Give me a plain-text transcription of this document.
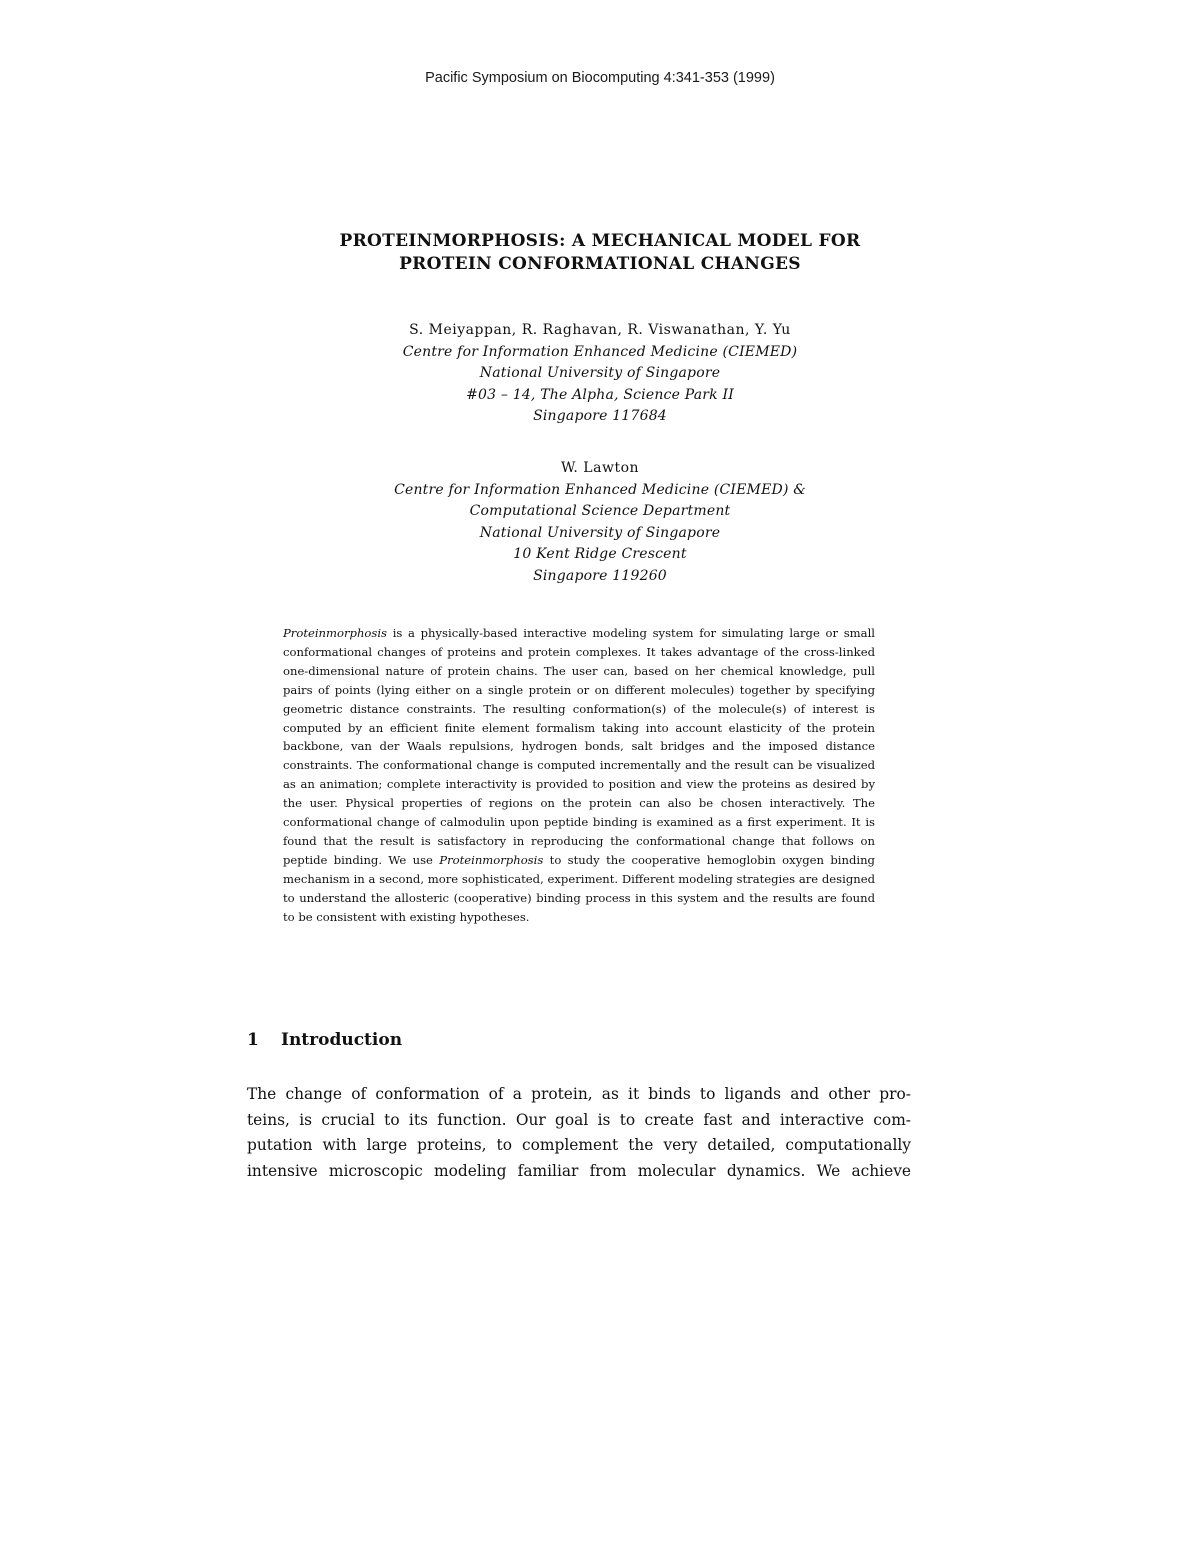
Pacific Symposium on Biocomputing 4:341-353 (1999)
PROTEINMORPHOSIS: A MECHANICAL MODEL FOR
PROTEIN CONFORMATIONAL CHANGES
S. Meiyappan, R. Raghavan, R. Viswanathan, Y. Yu
Centre for Information Enhanced Medicine (CIEMED)
National University of Singapore
#03 – 14, The Alpha, Science Park II
Singapore 117684
W. Lawton
Centre for Information Enhanced Medicine (CIEMED) &
Computational Science Department
National University of Singapore
10 Kent Ridge Crescent
Singapore 119260
Proteinmorphosis is a physically-based interactive modeling system for simulating large or small conformational changes of proteins and protein complexes. It takes advantage of the cross-linked one-dimensional nature of protein chains. The user can, based on her chemical knowledge, pull pairs of points (lying either on a single protein or on different molecules) together by specifying geometric distance constraints. The resulting conformation(s) of the molecule(s) of interest is computed by an efficient finite element formalism taking into account elasticity of the protein backbone, van der Waals repulsions, hydrogen bonds, salt bridges and the imposed distance constraints. The conformational change is computed incrementally and the result can be visualized as an animation; complete interactivity is provided to position and view the proteins as desired by the user. Physical properties of regions on the protein can also be chosen interactively. The conformational change of calmodulin upon peptide binding is examined as a first experiment. It is found that the result is satisfactory in reproducing the conformational change that follows on peptide binding. We use Proteinmorphosis to study the cooperative hemoglobin oxygen binding mechanism in a second, more sophisticated, experiment. Different modeling strategies are designed to understand the allosteric (cooperative) binding process in this system and the results are found to be consistent with existing hypotheses.
1 Introduction
The change of conformation of a protein, as it binds to ligands and other pro-
teins, is crucial to its function. Our goal is to create fast and interactive com-
putation with large proteins, to complement the very detailed, computationally
intensive microscopic modeling familiar from molecular dynamics. We achieve
